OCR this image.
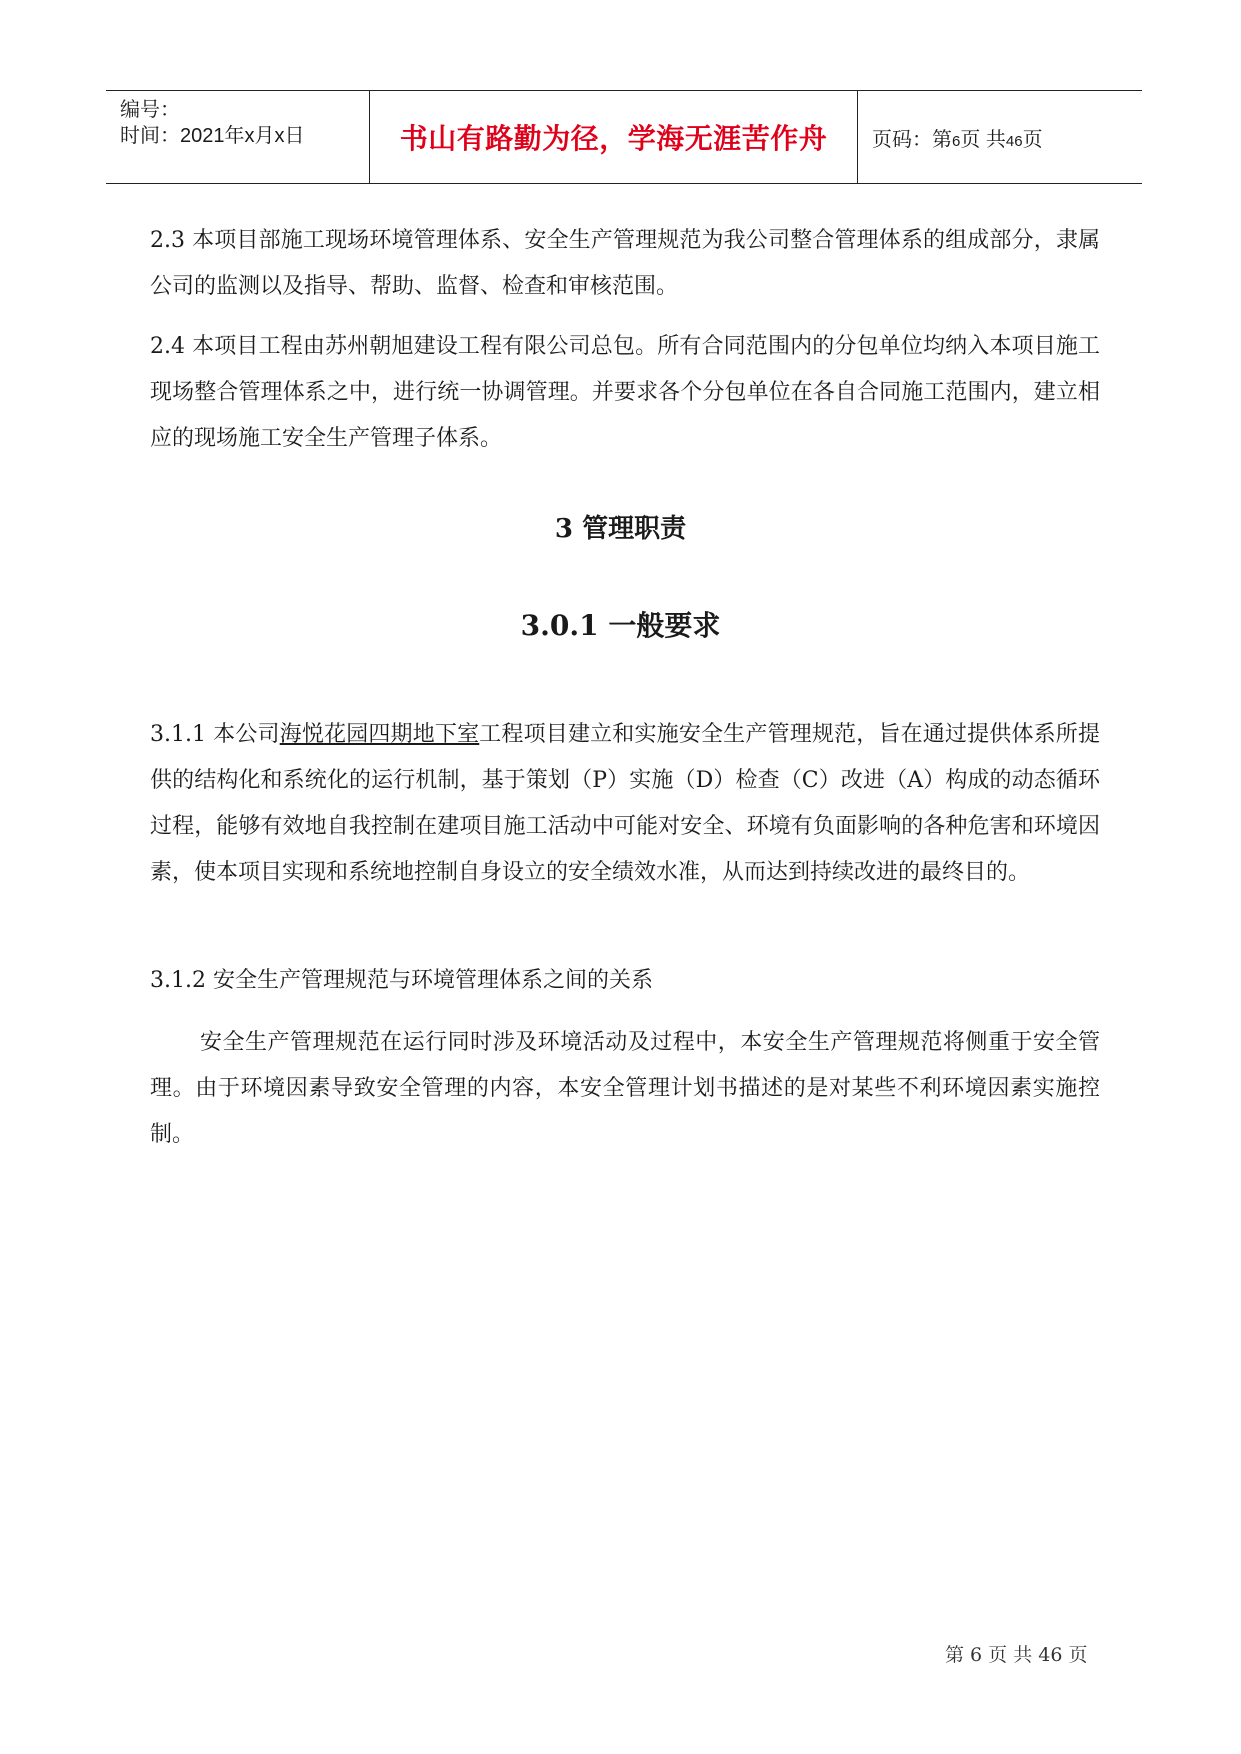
编号：
时间：2021年x月x日	书山有路勤为径，学海无涯苦作舟 页码：第6页 共46页
2.3 本项目部施工现场环境管理体系、安全生产管理规范为我公司整合管理体系的组成部分，隶属公司的监测以及指导、帮助、监督、检查和审核范围。
2.4 本项目工程由苏州朝旭建设工程有限公司总包。所有合同范围内的分包单位均纳入本项目施工现场整合管理体系之中，进行统一协调管理。并要求各个分包单位在各自合同施工范围内，建立相应的现场施工安全生产管理子体系。
3 管理职责
3.0.1 一般要求
3.1.1 本公司海悦花园四期地下室工程项目建立和实施安全生产管理规范，旨在通过提供体系所提供的结构化和系统化的运行机制，基于策划（P）实施（D）检查（C）改进（A）构成的动态循环过程，能够有效地自我控制在建项目施工活动中可能对安全、环境有负面影响的各种危害和环境因素，使本项目实现和系统地控制自身设立的安全绩效水准，从而达到持续改进的最终目的。
3.1.2 安全生产管理规范与环境管理体系之间的关系
安全生产管理规范在运行同时涉及环境活动及过程中，本安全生产管理规范将侧重于安全管理。由于环境因素导致安全管理的内容，本安全管理计划书描述的是对某些不利环境因素实施控制。
第 6 页 共 46 页
